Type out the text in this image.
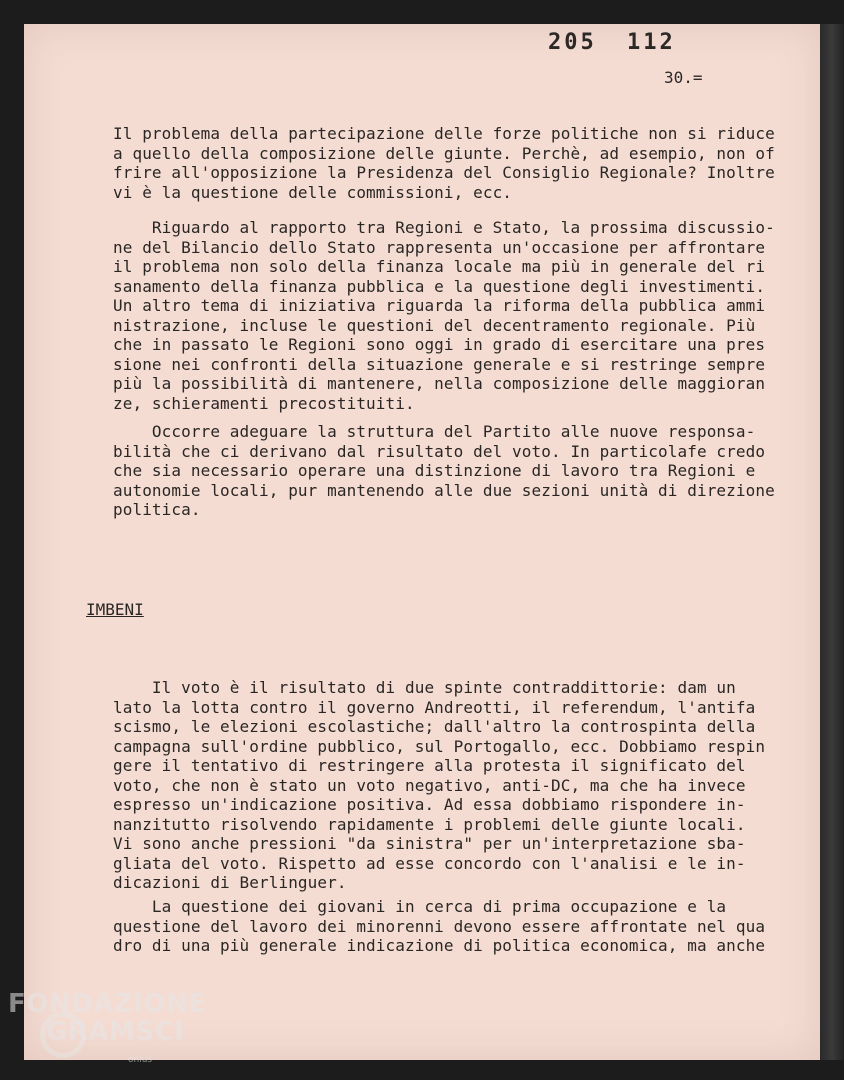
205 112
30.=
Il problema della partecipazione delle forze politiche non si riduce
a quello della composizione delle giunte. Perchè, ad esempio, non of
frire all'opposizione la Presidenza del Consiglio Regionale? Inoltre
vi è la questione delle commissioni, ecc.
Riguardo al rapporto tra Regioni e Stato, la prossima discussio-
ne del Bilancio dello Stato rappresenta un'occasione per affrontare
il problema non solo della finanza locale ma più in generale del ri
sanamento della finanza pubblica e la questione degli investimenti.
Un altro tema di iniziativa riguarda la riforma della pubblica ammi
nistrazione, incluse le questioni del decentramento regionale. Più
che in passato le Regioni sono oggi in grado di esercitare una pres
sione nei confronti della situazione generale e si restringe sempre
più la possibilità di mantenere, nella composizione delle maggioran
ze, schieramenti precostituiti.
Occorre adeguare la struttura del Partito alle nuove responsa-
bilità che ci derivano dal risultato del voto. In particolafe credo
che sia necessario operare una distinzione di lavoro tra Regioni e
autonomie locali, pur mantenendo alle due sezioni unità di direzione
politica.
IMBENI
Il voto è il risultato di due spinte contraddittorie: dam un
lato la lotta contro il governo Andreotti, il referendum, l'antifa
scismo, le elezioni escolastiche; dall'altro la controspinta della
campagna sull'ordine pubblico, sul Portogallo, ecc. Dobbiamo respin
gere il tentativo di restringere alla protesta il significato del
voto, che non è stato un voto negativo, anti-DC, ma che ha invece
espresso un'indicazione positiva. Ad essa dobbiamo rispondere in-
nanzitutto risolvendo rapidamente i problemi delle giunte locali.
Vi sono anche pressioni "da sinistra" per un'interpretazione sba-
gliata del voto. Rispetto ad esse concordo con l'analisi e le in-
dicazioni di Berlinguer.
La questione dei giovani in cerca di prima occupazione e la
questione del lavoro dei minorenni devono essere affrontate nel qua
dro di una più generale indicazione di politica economica, ma anche
FONDAZIONE
GRAMSCI
onlus
